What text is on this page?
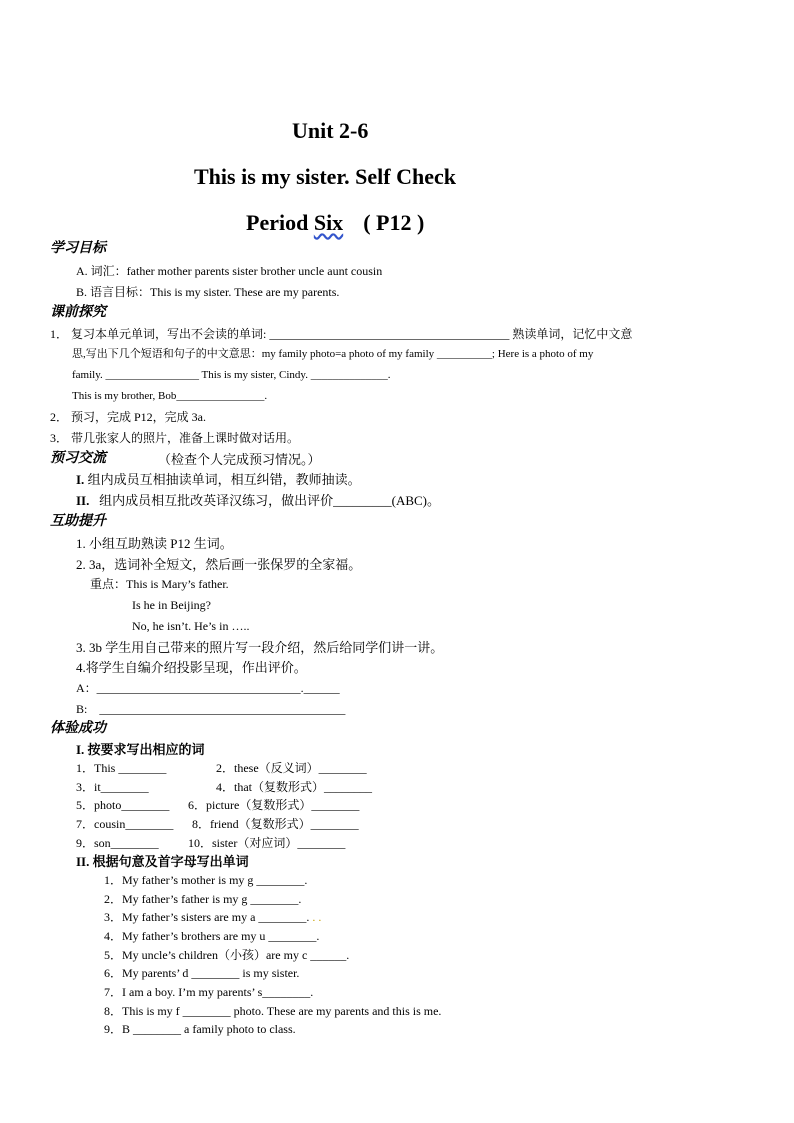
Unit 2-6
This is my sister. Self Check
Period Six ( P12 )
学习目标
A. 词汇：father mother parents sister brother uncle aunt cousin
B. 语言目标：This is my sister. These are my parents.
课前探究
1． 复习本单元单词，写出不会读的单词: ________________________________________ 熟读单词，记忆中文意
思,写出下几个短语和句子的中文意思：my family photo=a photo of my family __________; Here is a photo of my
family. _________________ This is my sister, Cindy. ______________.
This is my brother, Bob________________.
2． 预习，完成 P12，完成 3a.
3． 带几张家人的照片，准备上课时做对话用。
预习交流	（检查个人完成预习情况。）
I. 组内成员互相抽读单词，相互纠错，教师抽读。
II. 组内成员相互批改英译汉练习，做出评价_________(ABC)。
互助提升
1. 小组互助熟读 P12 生词。
2. 3a，选词补全短文，然后画一张保罗的全家福。
重点：This is Mary’s father.
Is he in Beijing?
No, he isn’t. He’s in …..
3. 3b 学生用自己带来的照片写一段介绍，然后给同学们讲一讲。
4.将学生自编介绍投影呈现，作出评价。
A：__________________________________.______
B: _________________________________________
体验成功
I. 按要求写出相应的词
1．This ________	2．these（反义词）________
3．it________	4．that（复数形式）________
5．photo________ 6．picture（复数形式）________
7．cousin________ 8．friend（复数形式）________
9．son________ 10．sister（对应词）________
II. 根据句意及首字母写出单词
1．My father’s mother is my g ________.
2．My father’s father is my g ________.
3．My father’s sisters are my a ________. . .
4．My father’s brothers are my u ________.
5．My uncle’s children（小孩）are my c ______.
6．My parents’ d ________ is my sister.
7．I am a boy. I’m my parents’ s________.
8．This is my f ________ photo. These are my parents and this is me.
9．B ________ a family photo to class.
